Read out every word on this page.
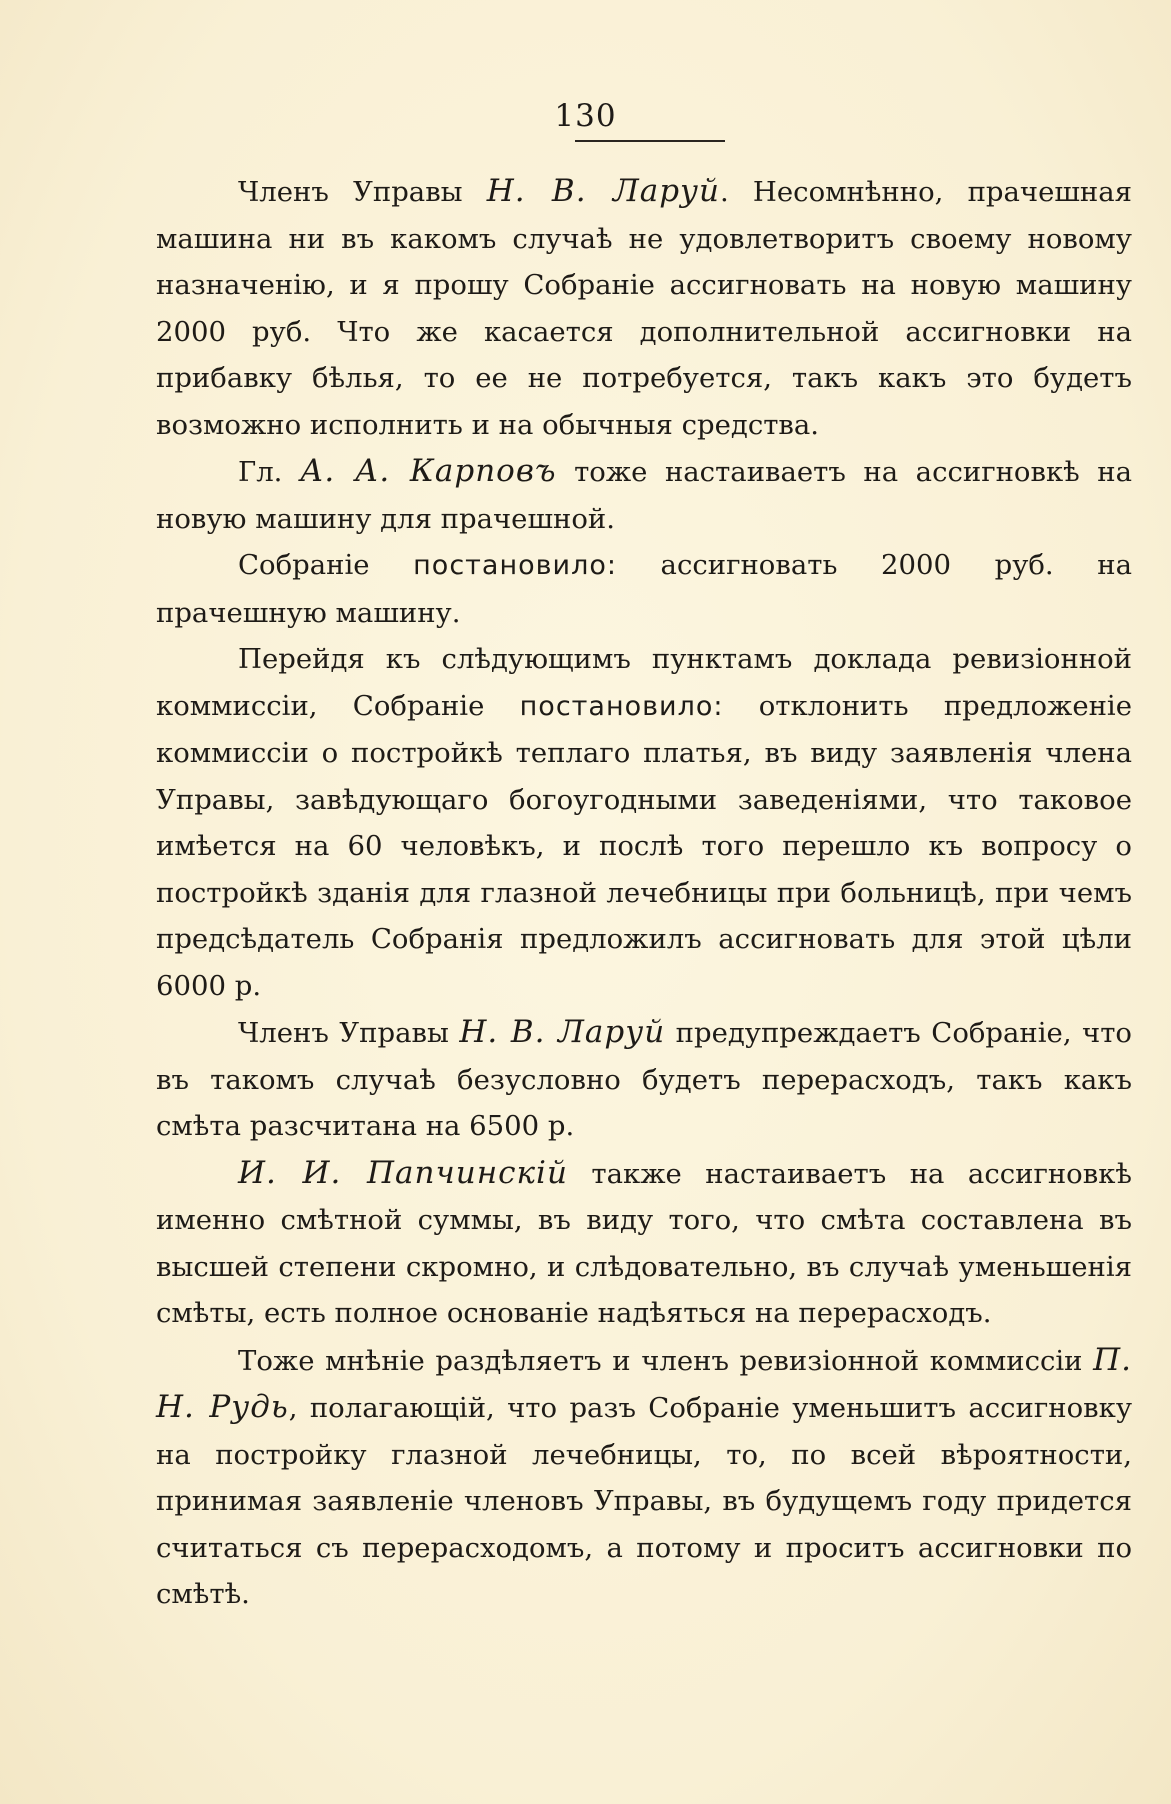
130

Членъ Управы Н. В. Ларуй. Несомнѣнно, прачешная машина ни въ какомъ случаѣ не удовлетворитъ своему новому назначенію, и я прошу Собраніе ассигновать на новую машину 2000 руб. Что же касается дополнительной ассигновки на прибавку бѣлья, то ее не потребуется, такъ какъ это будетъ возможно исполнить и на обычныя средства.

Гл. А. А. Карповъ тоже настаиваетъ на ассигновкѣ на новую машину для прачешной.

Собраніе постановило: ассигновать 2000 руб. на прачешную машину.

Перейдя къ слѣдующимъ пунктамъ доклада ревизіонной коммиссіи, Собраніе постановило: отклонить предложеніе коммиссіи о постройкѣ теплаго платья, въ виду заявленія члена Управы, завѣдующаго богоугодными заведеніями, что таковое имѣется на 60 человѣкъ, и послѣ того перешло къ вопросу о постройкѣ зданія для глазной лечебницы при больницѣ, при чемъ предсѣдатель Собранія предложилъ ассигновать для этой цѣли 6000 р.

Членъ Управы Н. В. Ларуй предупреждаетъ Собраніе, что въ такомъ случаѣ безусловно будетъ перерасходъ, такъ какъ смѣта разсчитана на 6500 р.

И. И. Папчинскій также настаиваетъ на ассигновкѣ именно смѣтной суммы, въ виду того, что смѣта составлена въ высшей степени скромно, и слѣдовательно, въ случаѣ уменьшенія смѣты, есть полное основаніе надѣяться на перерасходъ.

Тоже мнѣніе раздѣляетъ и членъ ревизіонной коммиссіи П. Н. Рудь, полагающій, что разъ Собраніе уменьшитъ ассигновку на постройку глазной лечебницы, то, по всей вѣроятности, принимая заявленіе членовъ Управы, въ будущемъ году придется считаться съ перерасходомъ, а потому и проситъ ассигновки по смѣтѣ.
